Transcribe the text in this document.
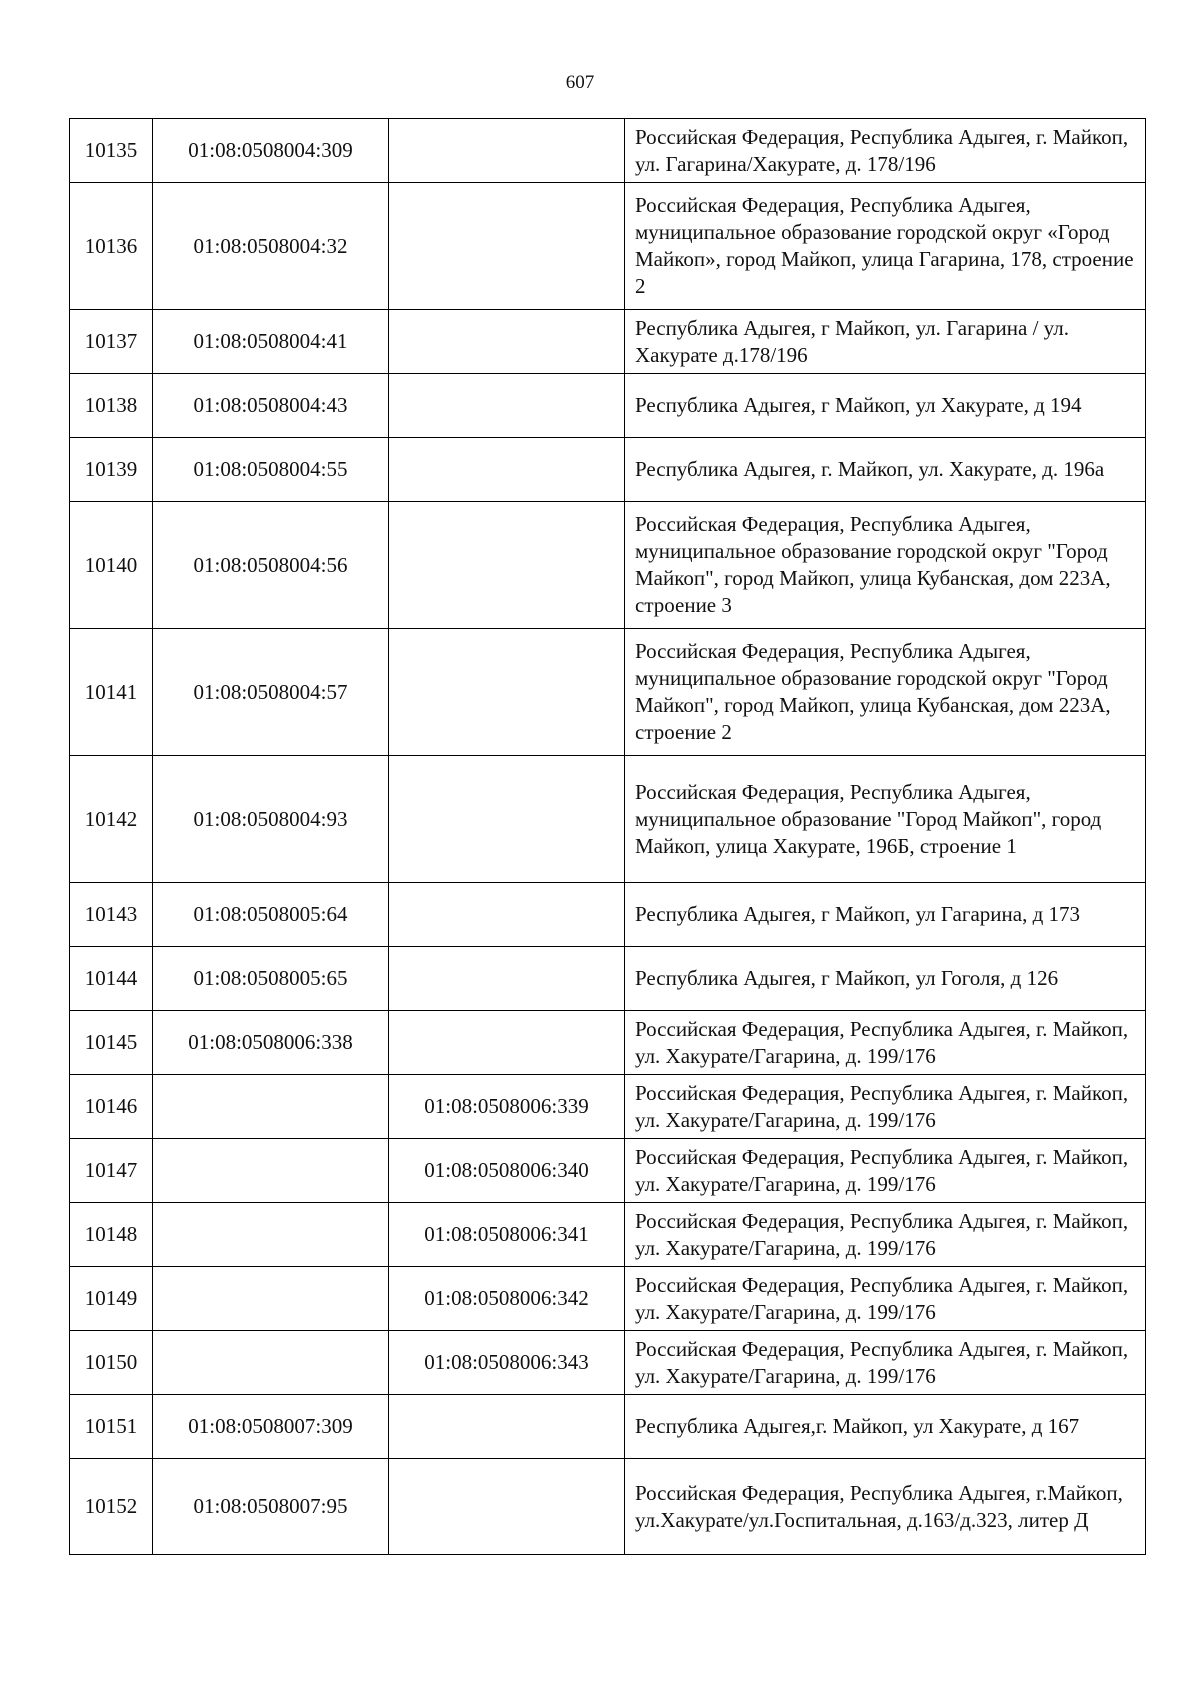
607
10135	01:08:0508004:309		Российская Федерация, Республика Адыгея, г. Майкоп, ул. Гагарина/Хакурате, д. 178/196
10136	01:08:0508004:32		Российская Федерация, Республика Адыгея, муниципальное образование городской округ «Город Майкоп», город Майкоп, улица Гагарина, 178, строение 2
10137	01:08:0508004:41		Республика Адыгея, г Майкоп, ул. Гагарина / ул. Хакурате д.178/196
10138	01:08:0508004:43		Республика Адыгея, г Майкоп, ул Хакурате, д 194
10139	01:08:0508004:55		Республика Адыгея, г. Майкоп, ул. Хакурате, д. 196а
10140	01:08:0508004:56		Российская Федерация, Республика Адыгея, муниципальное образование городской округ "Город Майкоп", город Майкоп, улица Кубанская, дом 223А, строение 3
10141	01:08:0508004:57		Российская Федерация, Республика Адыгея, муниципальное образование городской округ "Город Майкоп", город Майкоп, улица Кубанская, дом 223А, строение 2
10142	01:08:0508004:93		Российская Федерация, Республика Адыгея, муниципальное образование "Город Майкоп", город Майкоп, улица Хакурате, 196Б, строение 1
10143	01:08:0508005:64		Республика Адыгея, г Майкоп, ул Гагарина, д 173
10144	01:08:0508005:65		Республика Адыгея, г Майкоп, ул Гоголя, д 126
10145	01:08:0508006:338		Российская Федерация, Республика Адыгея, г. Майкоп, ул. Хакурате/Гагарина, д. 199/176
10146		01:08:0508006:339	Российская Федерация, Республика Адыгея, г. Майкоп, ул. Хакурате/Гагарина, д. 199/176
10147		01:08:0508006:340	Российская Федерация, Республика Адыгея, г. Майкоп, ул. Хакурате/Гагарина, д. 199/176
10148		01:08:0508006:341	Российская Федерация, Республика Адыгея, г. Майкоп, ул. Хакурате/Гагарина, д. 199/176
10149		01:08:0508006:342	Российская Федерация, Республика Адыгея, г. Майкоп, ул. Хакурате/Гагарина, д. 199/176
10150		01:08:0508006:343	Российская Федерация, Республика Адыгея, г. Майкоп, ул. Хакурате/Гагарина, д. 199/176
10151	01:08:0508007:309		Республика Адыгея,г. Майкоп, ул Хакурате, д 167
10152	01:08:0508007:95		Российская Федерация, Республика Адыгея, г.Майкоп, ул.Хакурате/ул.Госпитальная, д.163/д.323, литер Д
